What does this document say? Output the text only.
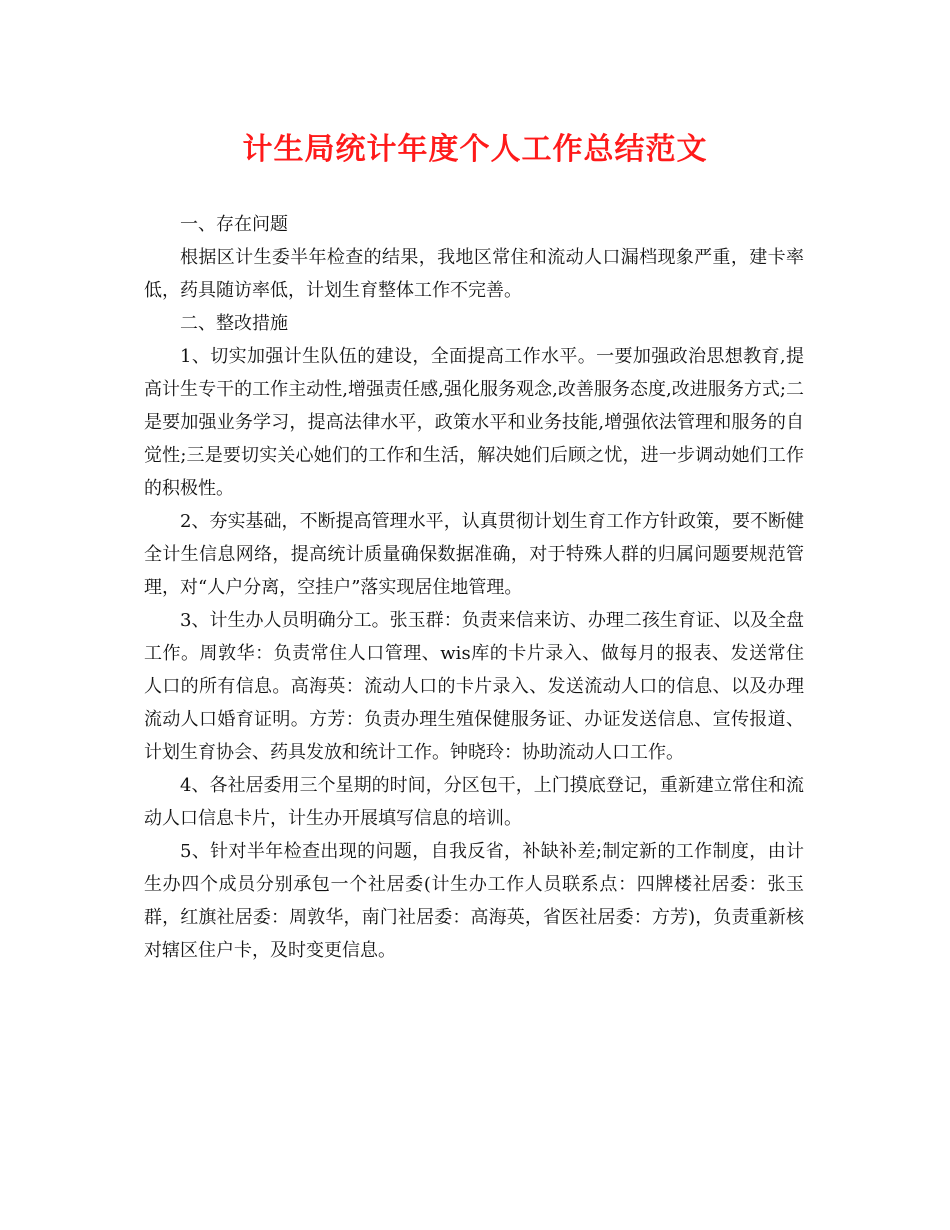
计生局统计年度个人工作总结范文

一、存在问题

根据区计生委半年检查的结果，我地区常住和流动人口漏档现象严重，建卡率低，药具随访率低，计划生育整体工作不完善。

二、整改措施

1、切实加强计生队伍的建设，全面提高工作水平。一要加强政治思想教育,提高计生专干的工作主动性,增强责任感,强化服务观念,改善服务态度,改进服务方式;二是要加强业务学习，提高法律水平，政策水平和业务技能,增强依法管理和服务的自觉性;三是要切实关心她们的工作和生活，解决她们后顾之忧，进一步调动她们工作的积极性。

2、夯实基础，不断提高管理水平，认真贯彻计划生育工作方针政策，要不断健全计生信息网络，提高统计质量确保数据准确，对于特殊人群的归属问题要规范管理，对“人户分离，空挂户”落实现居住地管理。

3、计生办人员明确分工。张玉群：负责来信来访、办理二孩生育证、以及全盘工作。周敦华：负责常住人口管理、wis库的卡片录入、做每月的报表、发送常住人口的所有信息。高海英：流动人口的卡片录入、发送流动人口的信息、以及办理流动人口婚育证明。方芳：负责办理生殖保健服务证、办证发送信息、宣传报道、计划生育协会、药具发放和统计工作。钟晓玲：协助流动人口工作。

4、各社居委用三个星期的时间，分区包干，上门摸底登记，重新建立常住和流动人口信息卡片，计生办开展填写信息的培训。

5、针对半年检查出现的问题，自我反省，补缺补差;制定新的工作制度，由计生办四个成员分别承包一个社居委(计生办工作人员联系点：四牌楼社居委：张玉群，红旗社居委：周敦华，南门社居委：高海英，省医社居委：方芳)，负责重新核对辖区住户卡，及时变更信息。
